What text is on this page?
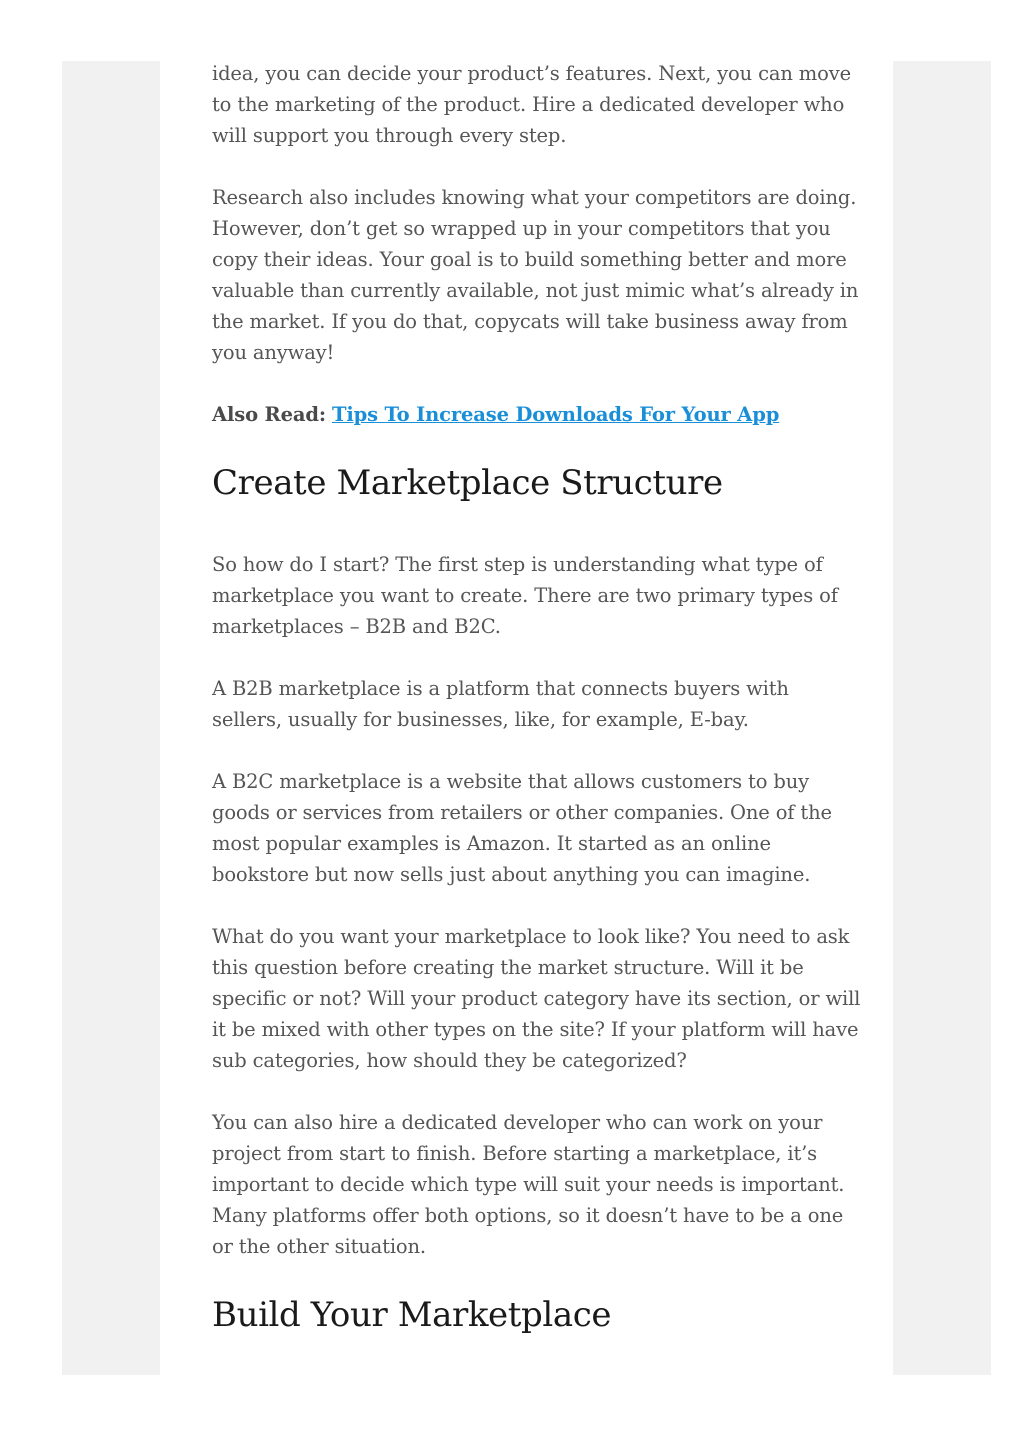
idea, you can decide your product’s features. Next, you can move to the marketing of the product. Hire a dedicated developer who will support you through every step.

Research also includes knowing what your competitors are doing. However, don’t get so wrapped up in your competitors that you copy their ideas. Your goal is to build something better and more valuable than currently available, not just mimic what’s already in the market. If you do that, copycats will take business away from you anyway!

Also Read: Tips To Increase Downloads For Your App

Create Marketplace Structure

So how do I start? The first step is understanding what type of marketplace you want to create. There are two primary types of marketplaces – B2B and B2C.

A B2B marketplace is a platform that connects buyers with sellers, usually for businesses, like, for example, E-bay.

A B2C marketplace is a website that allows customers to buy goods or services from retailers or other companies. One of the most popular examples is Amazon. It started as an online bookstore but now sells just about anything you can imagine.

What do you want your marketplace to look like? You need to ask this question before creating the market structure. Will it be specific or not? Will your product category have its section, or will it be mixed with other types on the site? If your platform will have sub categories, how should they be categorized?

You can also hire a dedicated developer who can work on your project from start to finish. Before starting a marketplace, it’s important to decide which type will suit your needs is important. Many platforms offer both options, so it doesn’t have to be a one or the other situation.

Build Your Marketplace
